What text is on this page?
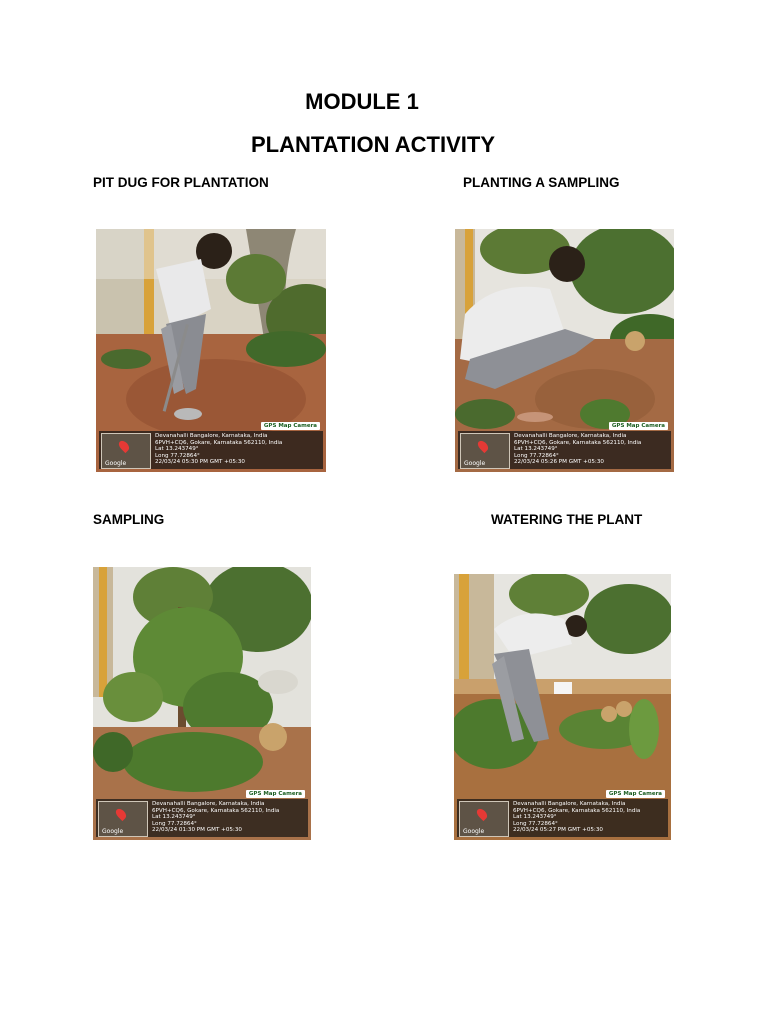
MODULE 1
PLANTATION ACTIVITY

PIT DUG FOR PLANTATION

GPS Map Camera
Google
Devanahalli Bangalore, Karnataka, India
6PVH+CQ6, Gokare, Karnataka 562110, India
Lat 13.243749°
Long 77.72864°
22/03/24 05:30 PM GMT +05:30

PLANTING A SAMPLING

GPS Map Camera
Google
Devanahalli Bangalore, Karnataka, India
6PVH+CQ6, Gokare, Karnataka 562110, India
Lat 13.243749°
Long 77.72864°
22/03/24 05:26 PM GMT +05:30

SAMPLING

GPS Map Camera
Google
Devanahalli Bangalore, Karnataka, India
6PVH+CQ6, Gokare, Karnataka 562110, India
Lat 13.243749°
Long 77.72864°
22/03/24 01:30 PM GMT +05:30

WATERING THE PLANT

GPS Map Camera
Google
Devanahalli Bangalore, Karnataka, India
6PVH+CQ6, Gokare, Karnataka 562110, India
Lat 13.243749°
Long 77.72864°
22/03/24 05:27 PM GMT +05:30
